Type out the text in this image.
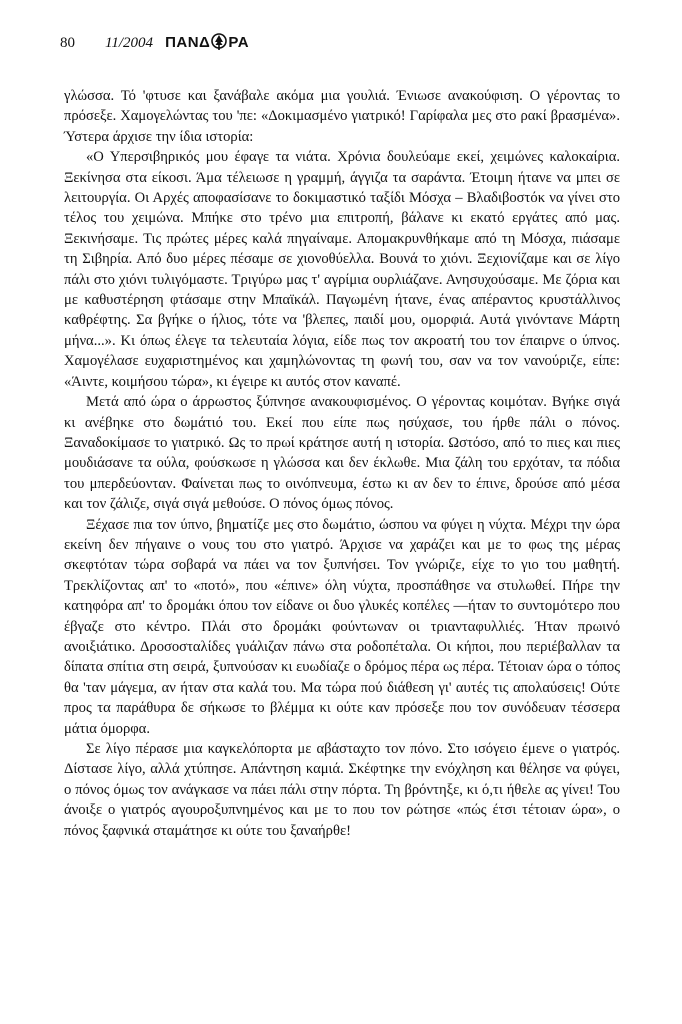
80 11/2004 ΠΑΝΔ ΡΑ

γλώσσα. Τό 'φτυσε και ξανάβαλε ακόμα μια γουλιά. Ένιωσε ανακούφιση. Ο γέροντας το πρόσεξε. Χαμογελώντας του 'πε: «Δοκιμασμένο γιατρικό! Γαρίφαλα μες στο ρακί βρασμένα». Ύστερα άρχισε την ίδια ιστορία:

«Ο Υπερσιβηρικός μου έφαγε τα νιάτα. Χρόνια δουλεύαμε εκεί, χειμώνες καλοκαίρια. Ξεκίνησα στα είκοσι. Άμα τέλειωσε η γραμμή, άγγιζα τα σαράντα. Έτοιμη ήτανε να μπει σε λειτουργία. Οι Αρχές αποφασίσανε το δοκιμαστικό ταξίδι Μόσχα – Βλαδιβοστόκ να γίνει στο τέλος του χειμώνα. Μπήκε στο τρένο μια επιτροπή, βάλανε κι εκατό εργάτες από μας. Ξεκινήσαμε. Τις πρώτες μέρες καλά πηγαίναμε. Απομακρυνθήκαμε από τη Μόσχα, πιάσαμε τη Σιβηρία. Από δυο μέρες πέσαμε σε χιονοθύελλα. Βουνά το χιόνι. Ξεχιονίζαμε και σε λίγο πάλι στο χιόνι τυλιγόμαστε. Τριγύρω μας τ' αγρίμια ουρλιάζανε. Ανησυχούσαμε. Με ζόρια και με καθυστέρηση φτάσαμε στην Μπαϊκάλ. Παγωμένη ήτανε, ένας απέραντος κρυστάλλινος καθρέφτης. Σα βγήκε ο ήλιος, τότε να 'βλεπες, παιδί μου, ομορφιά. Αυτά γινόντανε Μάρτη μήνα...». Κι όπως έλεγε τα τελευταία λόγια, είδε πως τον ακροατή του τον έπαιρνε ο ύπνος. Χαμογέλασε ευχαριστημένος και χαμηλώνοντας τη φωνή του, σαν να τον νανούριζε, είπε: «Άιντε, κοιμήσου τώρα», κι έγειρε κι αυτός στον καναπέ.

Μετά από ώρα ο άρρωστος ξύπνησε ανακουφισμένος. Ο γέροντας κοιμόταν. Βγήκε σιγά κι ανέβηκε στο δωμάτιό του. Εκεί που είπε πως ησύχασε, του ήρθε πάλι ο πόνος. Ξαναδοκίμασε το γιατρικό. Ως το πρωί κράτησε αυτή η ιστορία. Ωστόσο, από το πιες και πιες μουδιάσανε τα ούλα, φούσκωσε η γλώσσα και δεν έκλωθε. Μια ζάλη του ερχόταν, τα πόδια του μπερδεύονταν. Φαίνεται πως το οινόπνευμα, έστω κι αν δεν το έπινε, δρούσε από μέσα και τον ζάλιζε, σιγά σιγά μεθούσε. Ο πόνος όμως πόνος.

Ξέχασε πια τον ύπνο, βηματίζε μες στο δωμάτιο, ώσπου να φύγει η νύχτα. Μέχρι την ώρα εκείνη δεν πήγαινε ο νους του στο γιατρό. Άρχισε να χαράζει και με το φως της μέρας σκεφτόταν τώρα σοβαρά να πάει να τον ξυπνήσει. Τον γνώριζε, είχε το γιο του μαθητή. Τρεκλίζοντας απ' το «ποτό», που «έπινε» όλη νύχτα, προσπάθησε να στυλωθεί. Πήρε την κατηφόρα απ' το δρομάκι όπου τον είδανε οι δυο γλυκές κοπέλες —ήταν το συντομότερο που έβγαζε στο κέντρο. Πλάι στο δρομάκι φούντωναν οι τριανταφυλλιές. Ήταν πρωινό ανοιξιάτικο. Δροσοσταλίδες γυάλιζαν πάνω στα ροδοπέταλα. Οι κήποι, που περιέβαλλαν τα δίπατα σπίτια στη σειρά, ξυπνούσαν κι ευωδίαζε ο δρόμος πέρα ως πέρα. Τέτοιαν ώρα ο τόπος θα 'ταν μάγεμα, αν ήταν στα καλά του. Μα τώρα πού διάθεση γι' αυτές τις απολαύσεις! Ούτε προς τα παράθυρα δε σήκωσε το βλέμμα κι ούτε καν πρόσεξε που τον συνόδευαν τέσσερα μάτια όμορφα.

Σε λίγο πέρασε μια καγκελόπορτα με αβάσταχτο τον πόνο. Στο ισόγειο έμενε ο γιατρός. Δίστασε λίγο, αλλά χτύπησε. Απάντηση καμιά. Σκέφτηκε την ενόχληση και θέλησε να φύγει, ο πόνος όμως τον ανάγκασε να πάει πάλι στην πόρτα. Τη βρόντηξε, κι ό,τι ήθελε ας γίνει! Του άνοιξε ο γιατρός αγουροξυπνημένος και με το που τον ρώτησε «πώς έτσι τέτοιαν ώρα», ο πόνος ξαφνικά σταμάτησε κι ούτε του ξαναήρθε!
